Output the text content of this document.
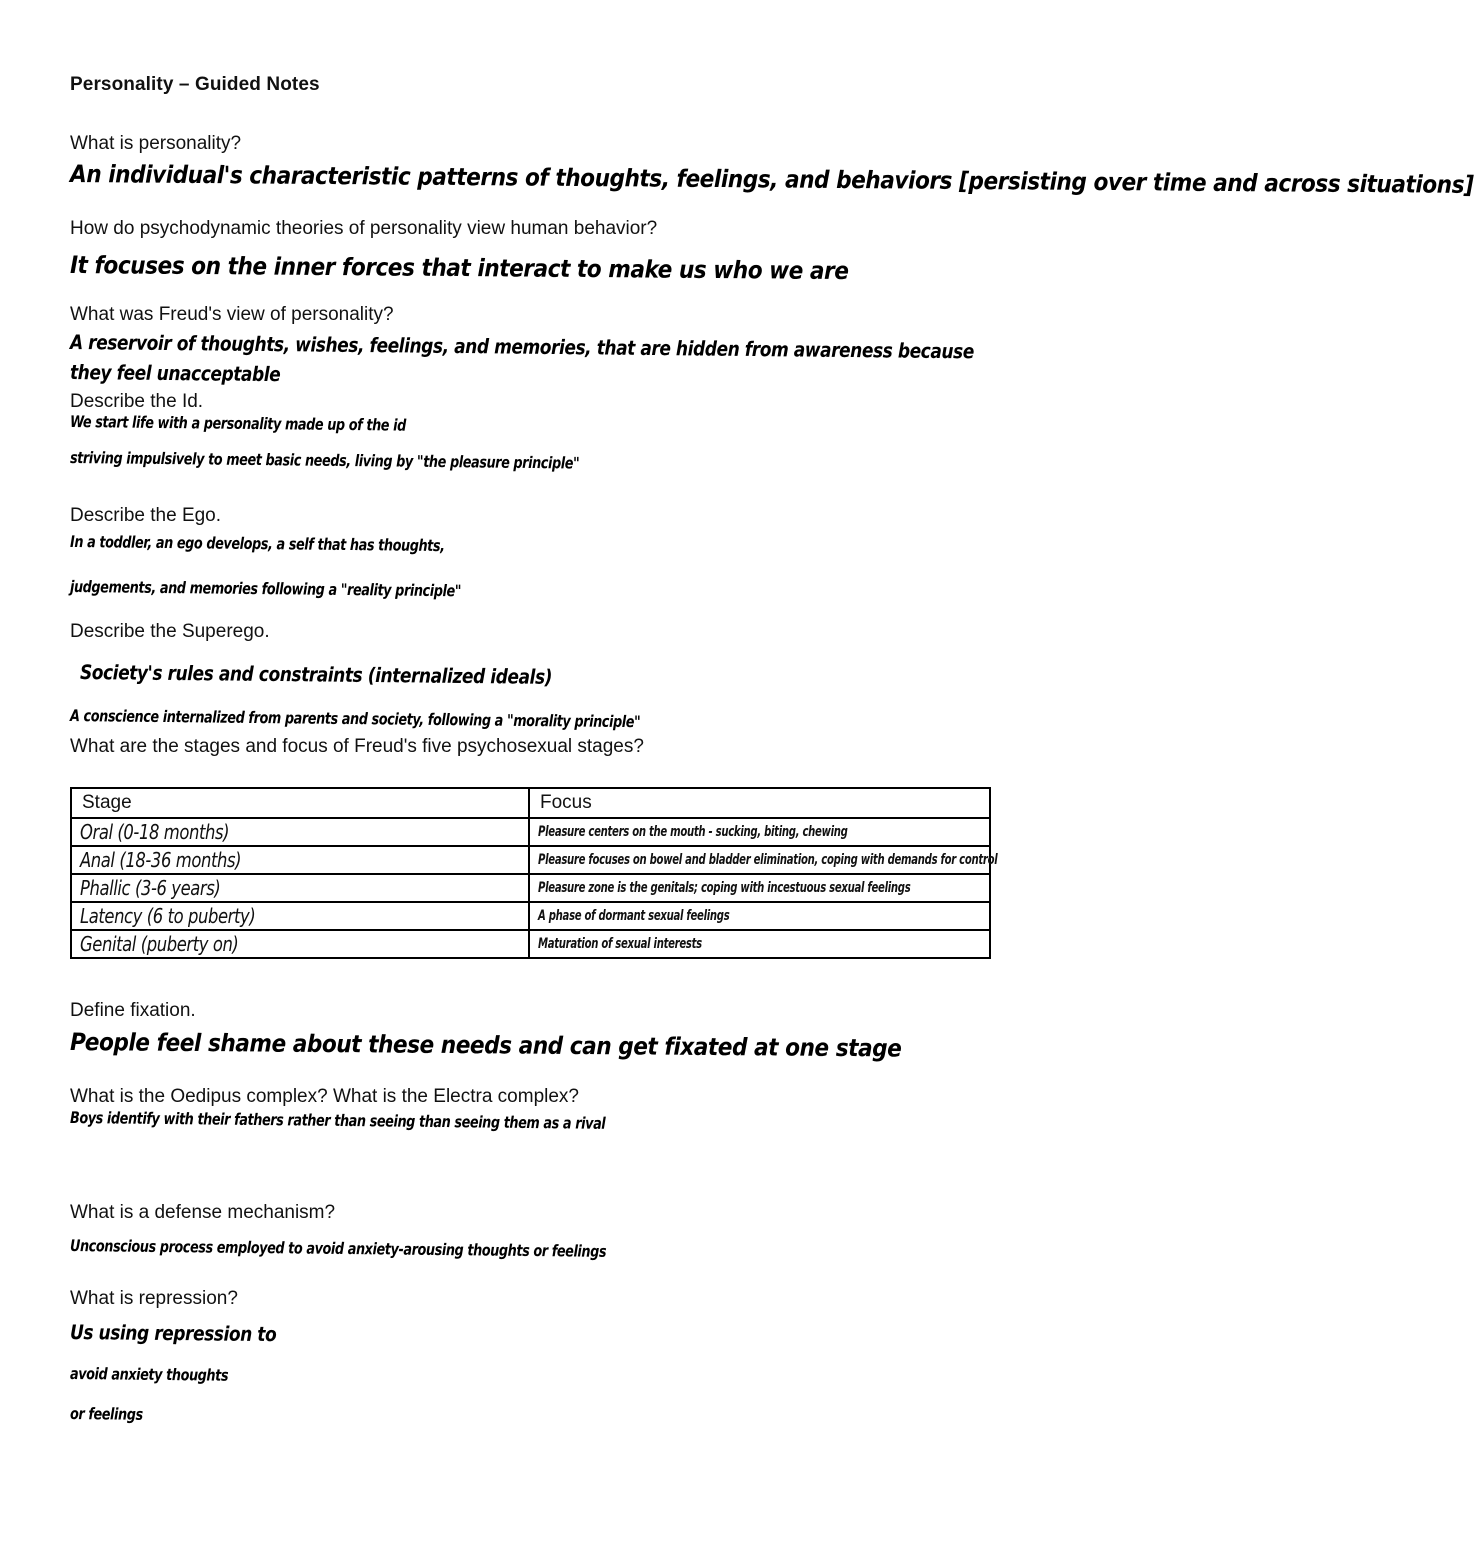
Personality – Guided Notes
What is personality?
An individual's characteristic patterns of thoughts, feelings, and behaviors [persisting over time and across situations]
How do psychodynamic theories of personality view human behavior?
It focuses on the inner forces that interact to make us who we are
What was Freud's view of personality?
A reservoir of thoughts, wishes, feelings, and memories, that are hidden from awareness because
they feel unacceptable
Describe the Id.
We start life with a personality made up of the id
striving impulsively to meet basic needs, living by "the pleasure principle"
Describe the Ego.
In a toddler, an ego develops, a self that has thoughts,
judgements, and memories following a "reality principle"
Describe the Superego.
Society's rules and constraints (internalized ideals)
A conscience internalized from parents and society, following a "morality principle"
What are the stages and focus of Freud's five psychosexual stages?
Stage	Focus
Oral (0-18 months)	Pleasure centers on the mouth - sucking, biting, chewing
Anal (18-36 months)	Pleasure focuses on bowel and bladder elimination, coping with demands for control
Phallic (3-6 years)	Pleasure zone is the genitals; coping with incestuous sexual feelings
Latency (6 to puberty)	A phase of dormant sexual feelings
Genital (puberty on)	Maturation of sexual interests
Define fixation.
People feel shame about these needs and can get fixated at one stage
What is the Oedipus complex? What is the Electra complex?
Boys identify with their fathers rather than seeing than seeing them as a rival
What is a defense mechanism?
Unconscious process employed to avoid anxiety-arousing thoughts or feelings
What is repression?
Us using repression to
avoid anxiety thoughts
or feelings
